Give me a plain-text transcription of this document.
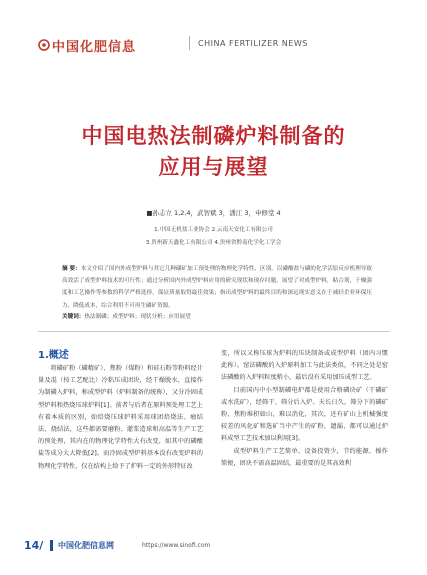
中国化肥信息	CHINA FERTILIZER NEWS
中国电热法制磷炉料制备的
应用与展望
■孙志立 1,2,4，武智斌 3，潘江 3，申修堂 4
1.中国无机盐工业协会 2.云南天安化工有限公司
3.贵州新天鑫化工有限公司 4.贵州省黔南化学化工学会
摘 要：本文介绍了国内外成型炉料与其它几种磷矿加工预处理的物理化学特性、区别，以磷酸盐与磷的化学活原反应机理导致高效活了成型炉料技术的可行性；通过分析国内外成型炉料应用的研究现状和现存问题，展望了对成型炉料，粘合剂，干燥强度和工艺操作等参数的科学严格选择，保证质量取得最佳效果；指出成型炉料的最终目的和深远现实意义在于减轻企业环保压力、降低成本，综合利用不可再生磷矿资源。
关键词：热法制磷；成型炉料；现状分析；应用展望
1.概述

将磷矿粉（磷精矿）、焦粉（煤粉）和硅石粉等粉料经计量及混（按工艺配比）冷粘压成团块，经干燥脱水，直接作为制磷入炉料，称成型炉料（炉料制备的统称），又分冷固成型炉料和热烧压球炉料[1]。前者与后者在原料预处理工艺上有着本质的区别，如焙烧压球炉料采用球团焙烧法、瘤结法、烧结法，这些都需要磨粉、灌浆造球和高温等生产工艺的预处理，其内在的物理化学特性大有改变，如其中的磷酸盐等成分大大降低[2]。而冷固成型炉料基本没有改变炉料的物理化学特性，仅在结构上给予了炉料一定的外形特征改

变，所以又称压球为炉料的压块制备或成型炉料（团内习惯此称）。窑法磷酸的入炉原料加工与此法类似，不同之处是窑法磷酸的入炉料粒度稍小，最后没有采用加压成型工艺。

目前国内中小型制磷电炉都是使用合格磷块矿（干磷矿或水洗矿），经筛干、筛分后入炉。天长日久，筛分下的磷矿粉、焦粉堆积如山，难以消化，其次，还有矿山上机械强度较差的风化矿和选矿当中产生的矿粉，遗漏，都可以通过炉料成型工艺技术加以利用[3]。

成型炉料生产工艺简单、设备投资少，节约能源，操作简便，团块不需高温固结，最重要的是其高效利

14/ 中国化肥信息网	https://www.sinofi.com
